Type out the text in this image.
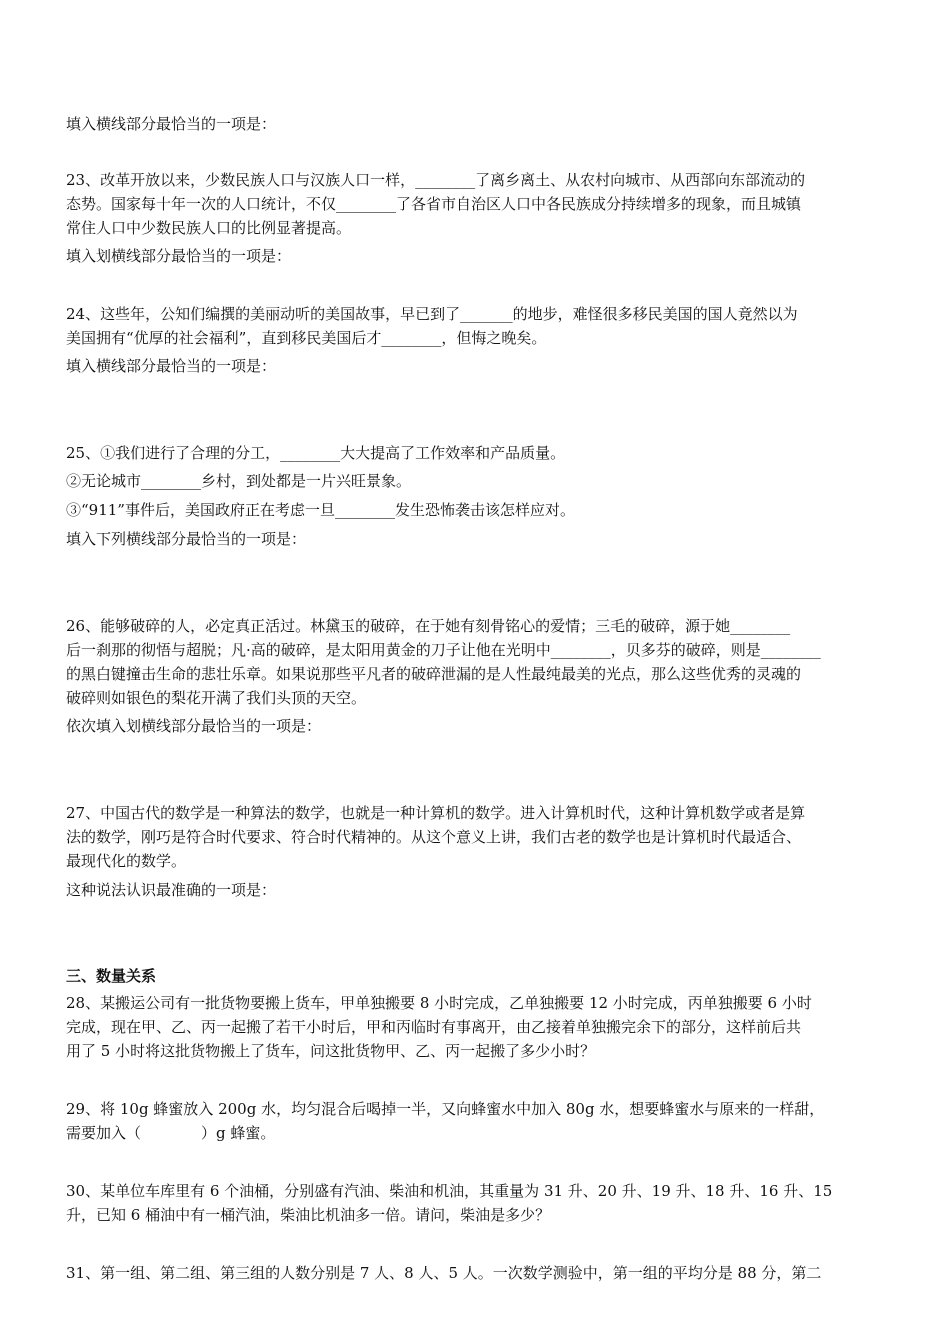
填入横线部分最恰当的一项是：
23、改革开放以来，少数民族人口与汉族人口一样，________了离乡离土、从农村向城市、从西部向东部流动的
态势。国家每十年一次的人口统计，不仅________了各省市自治区人口中各民族成分持续增多的现象，而且城镇
常住人口中少数民族人口的比例显著提高。
填入划横线部分最恰当的一项是：
24、这些年，公知们编撰的美丽动听的美国故事，早已到了_______的地步，难怪很多移民美国的国人竟然以为
美国拥有“优厚的社会福利”，直到移民美国后才________，但悔之晚矣。
填入横线部分最恰当的一项是：
25、①我们进行了合理的分工，________大大提高了工作效率和产品质量。
②无论城市________乡村，到处都是一片兴旺景象。
③“911”事件后，美国政府正在考虑一旦________发生恐怖袭击该怎样应对。
填入下列横线部分最恰当的一项是：
26、能够破碎的人，必定真正活过。林黛玉的破碎，在于她有刻骨铭心的爱情；三毛的破碎，源于她________
后一刹那的彻悟与超脱；凡·高的破碎，是太阳用黄金的刀子让他在光明中________，贝多芬的破碎，则是________
的黑白键撞击生命的悲壮乐章。如果说那些平凡者的破碎泄漏的是人性最纯最美的光点，那么这些优秀的灵魂的
破碎则如银色的梨花开满了我们头顶的天空。
依次填入划横线部分最恰当的一项是：
27、中国古代的数学是一种算法的数学，也就是一种计算机的数学。进入计算机时代，这种计算机数学或者是算
法的数学，刚巧是符合时代要求、符合时代精神的。从这个意义上讲，我们古老的数学也是计算机时代最适合、
最现代化的数学。
这种说法认识最准确的一项是：
三、数量关系
28、某搬运公司有一批货物要搬上货车，甲单独搬要 8 小时完成，乙单独搬要 12 小时完成，丙单独搬要 6 小时
完成，现在甲、乙、丙一起搬了若干小时后，甲和丙临时有事离开，由乙接着单独搬完余下的部分，这样前后共
用了 5 小时将这批货物搬上了货车，问这批货物甲、乙、丙一起搬了多少小时？
29、将 10g 蜂蜜放入 200g 水，均匀混合后喝掉一半，又向蜂蜜水中加入 80g 水，想要蜂蜜水与原来的一样甜，
需要加入（　　　　）g 蜂蜜。
30、某单位车库里有 6 个油桶，分别盛有汽油、柴油和机油，其重量为 31 升、20 升、19 升、18 升、16 升、15
升，已知 6 桶油中有一桶汽油，柴油比机油多一倍。请问，柴油是多少？
31、第一组、第二组、第三组的人数分别是 7 人、8 人、5 人。一次数学测验中，第一组的平均分是 88 分，第二
